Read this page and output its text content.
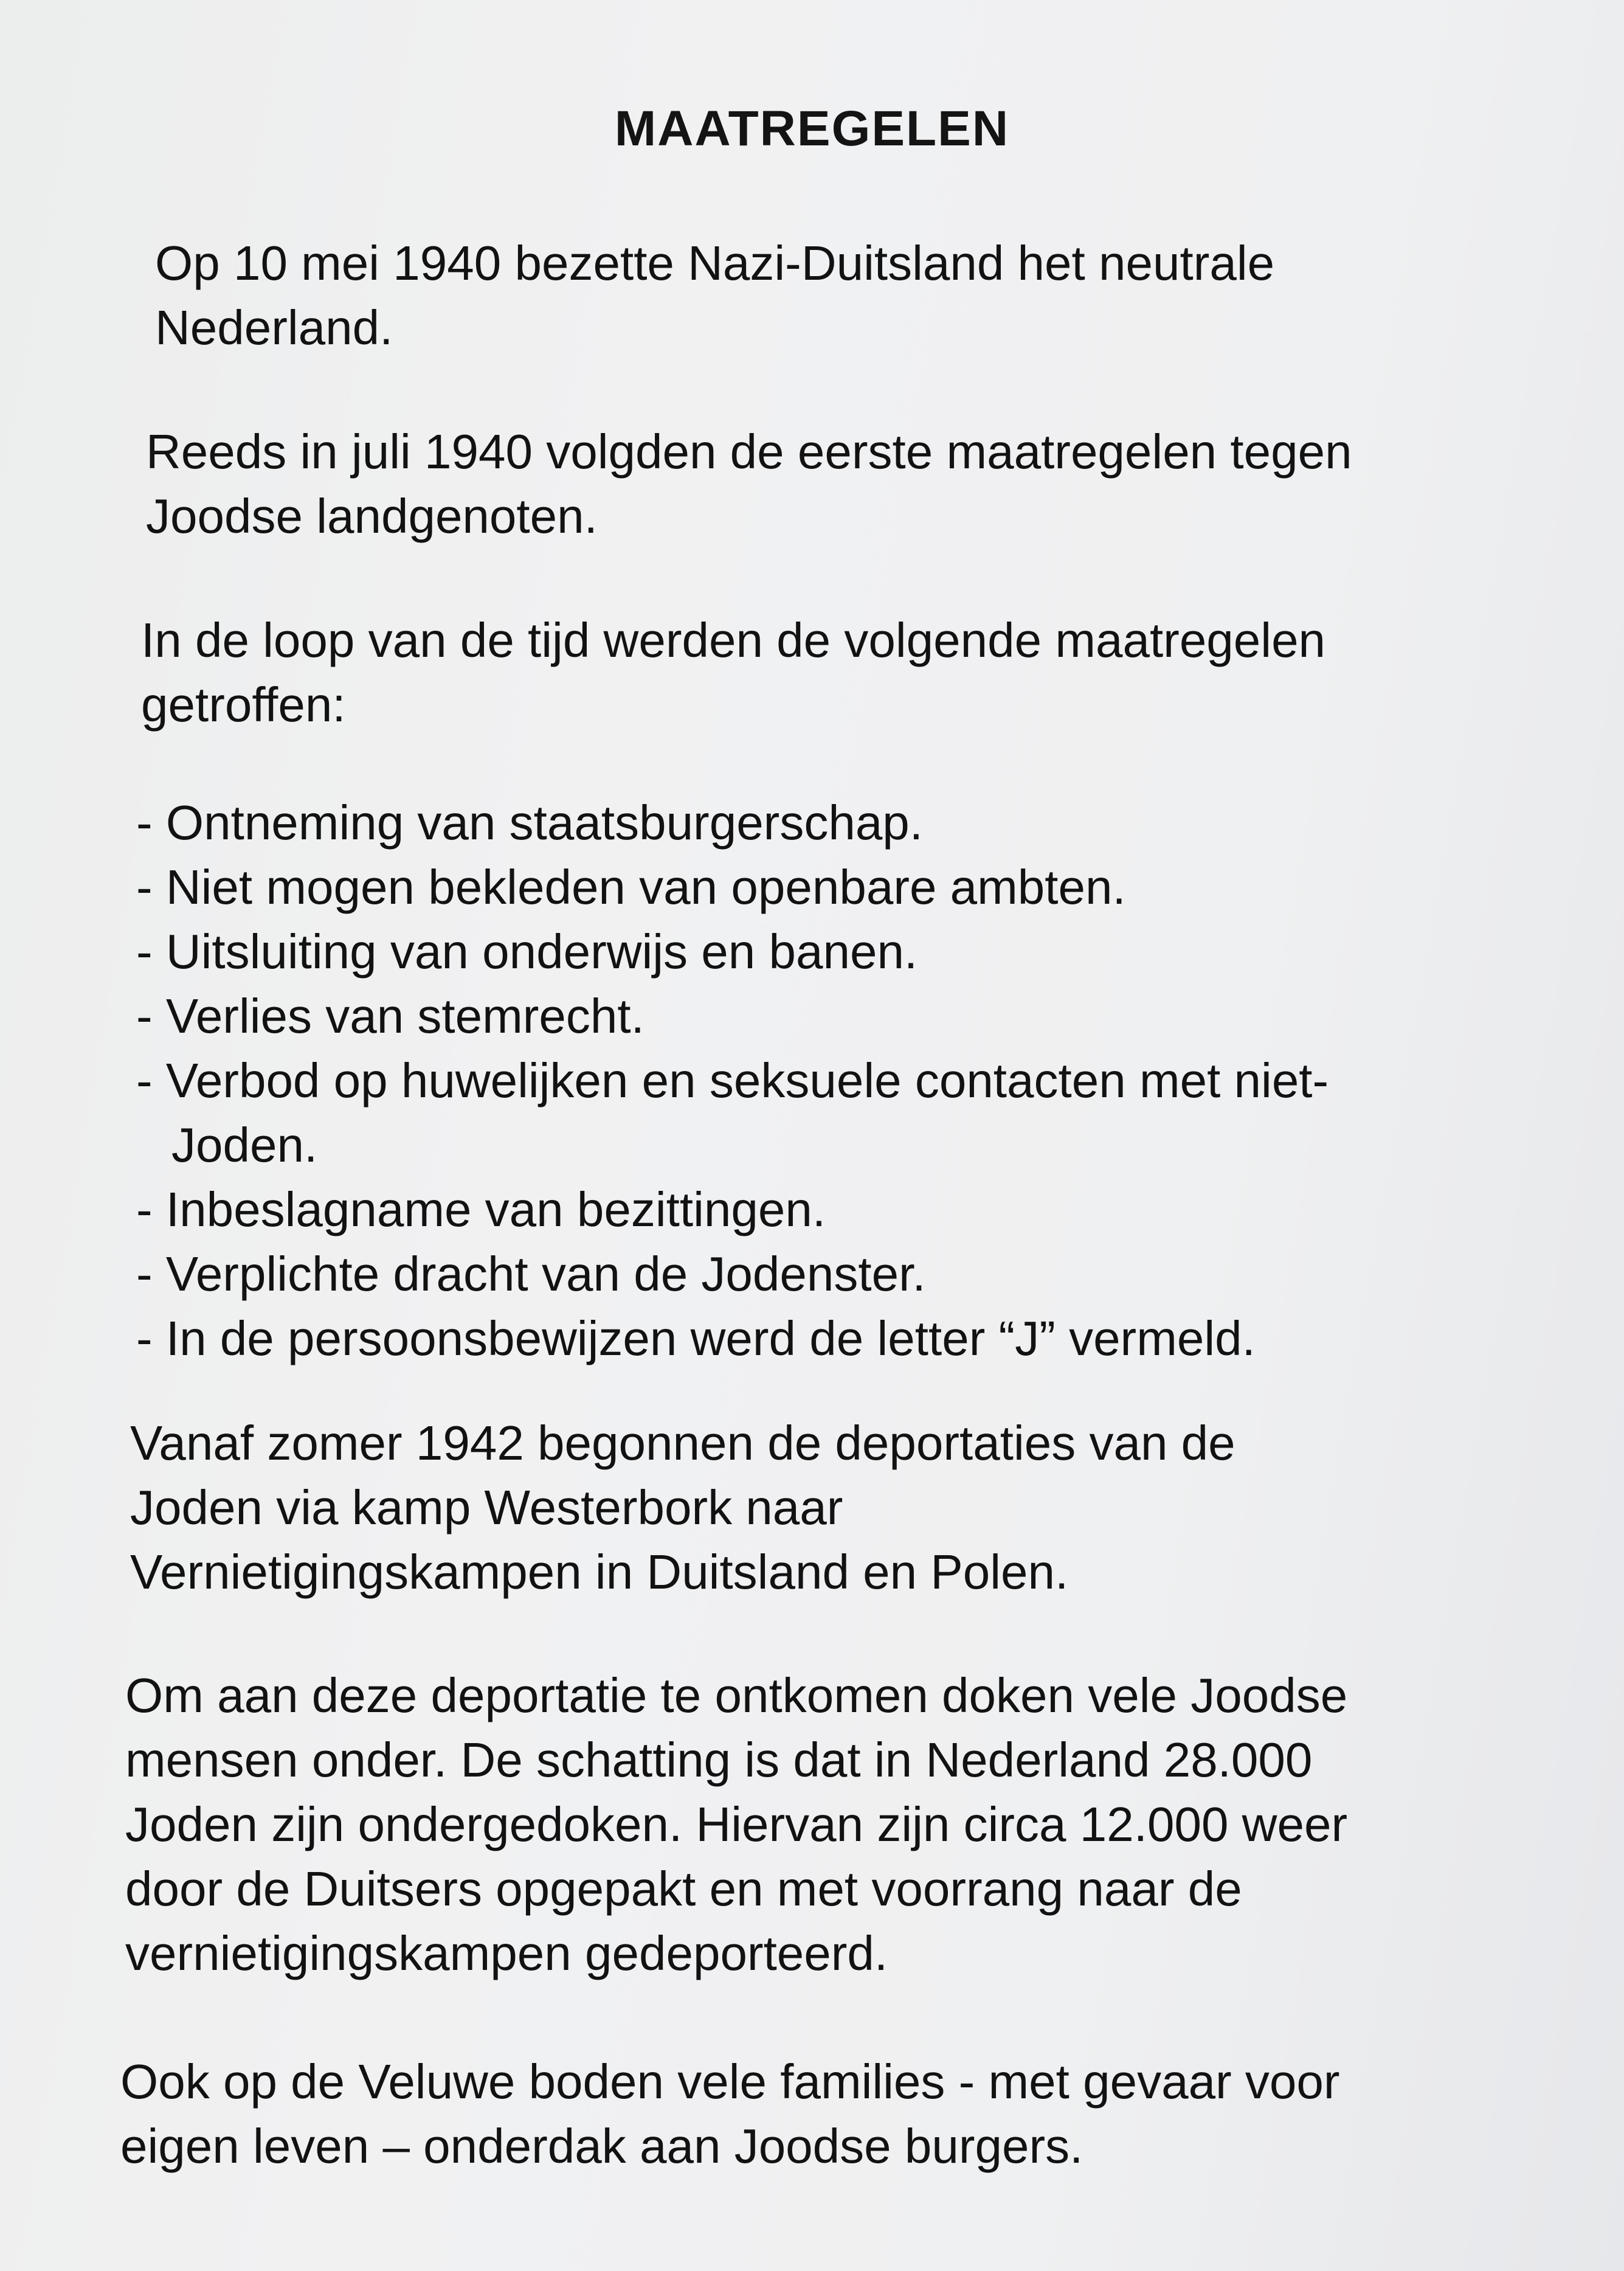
MAATREGELEN

Op 10 mei 1940 bezette Nazi-Duitsland het neutrale
Nederland.

Reeds in juli 1940 volgden de eerste maatregelen tegen
Joodse landgenoten.

In de loop van de tijd werden de volgende maatregelen
getroffen:

- Ontneming van staatsburgerschap.
- Niet mogen bekleden van openbare ambten.
- Uitsluiting van onderwijs en banen.
- Verlies van stemrecht.
- Verbod op huwelijken en seksuele contacten met niet-
Joden.
- Inbeslagname van bezittingen.
- Verplichte dracht van de Jodenster.
- In de persoonsbewijzen werd de letter “J” vermeld.

Vanaf zomer 1942 begonnen de deportaties van de
Joden via kamp Westerbork naar
Vernietigingskampen in Duitsland en Polen.

Om aan deze deportatie te ontkomen doken vele Joodse
mensen onder. De schatting is dat in Nederland 28.000
Joden zijn ondergedoken. Hiervan zijn circa 12.000 weer
door de Duitsers opgepakt en met voorrang naar de
vernietigingskampen gedeporteerd.

Ook op de Veluwe boden vele families - met gevaar voor
eigen leven – onderdak aan Joodse burgers.
